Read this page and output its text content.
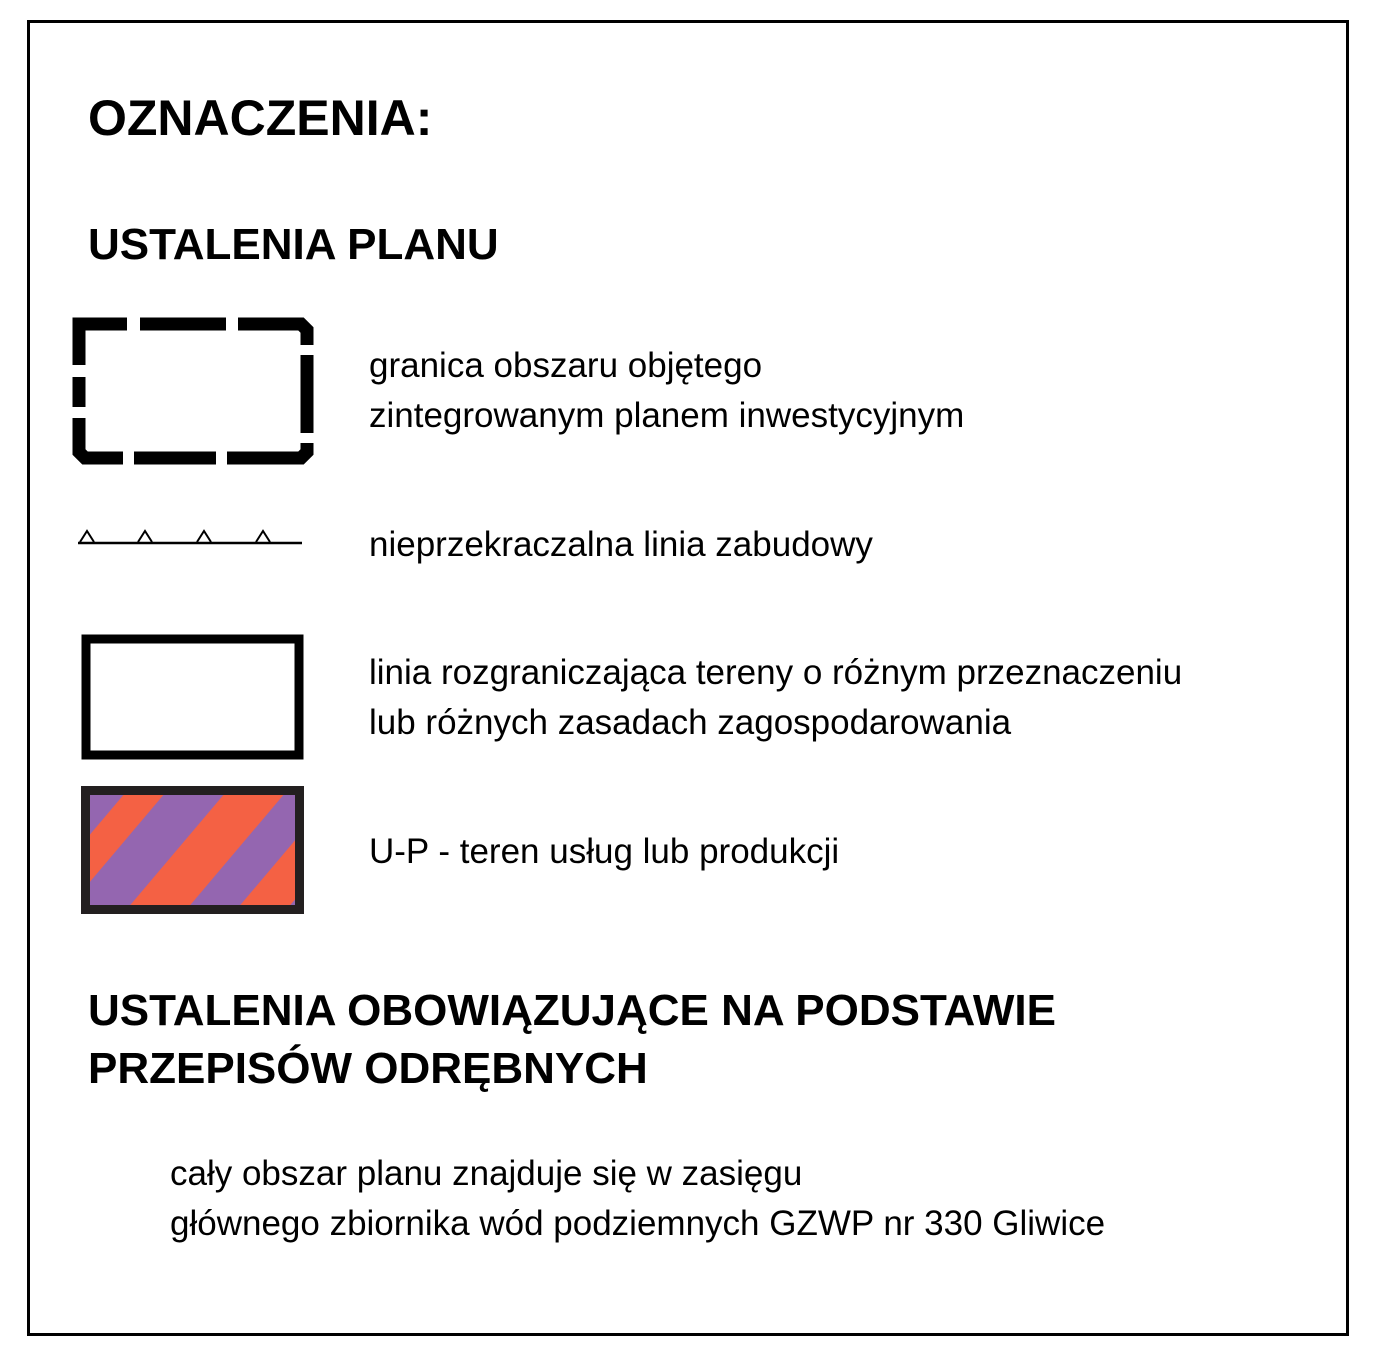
OZNACZENIA:
USTALENIA PLANU
granica obszaru objętego
zintegrowanym planem inwestycyjnym
nieprzekraczalna linia zabudowy
linia rozgraniczająca tereny o różnym przeznaczeniu
lub różnych zasadach zagospodarowania
U-P - teren usług lub produkcji
USTALENIA OBOWIĄZUJĄCE NA PODSTAWIE
PRZEPISÓW ODRĘBNYCH
cały obszar planu znajduje się w zasięgu
głównego zbiornika wód podziemnych GZWP nr 330 Gliwice
